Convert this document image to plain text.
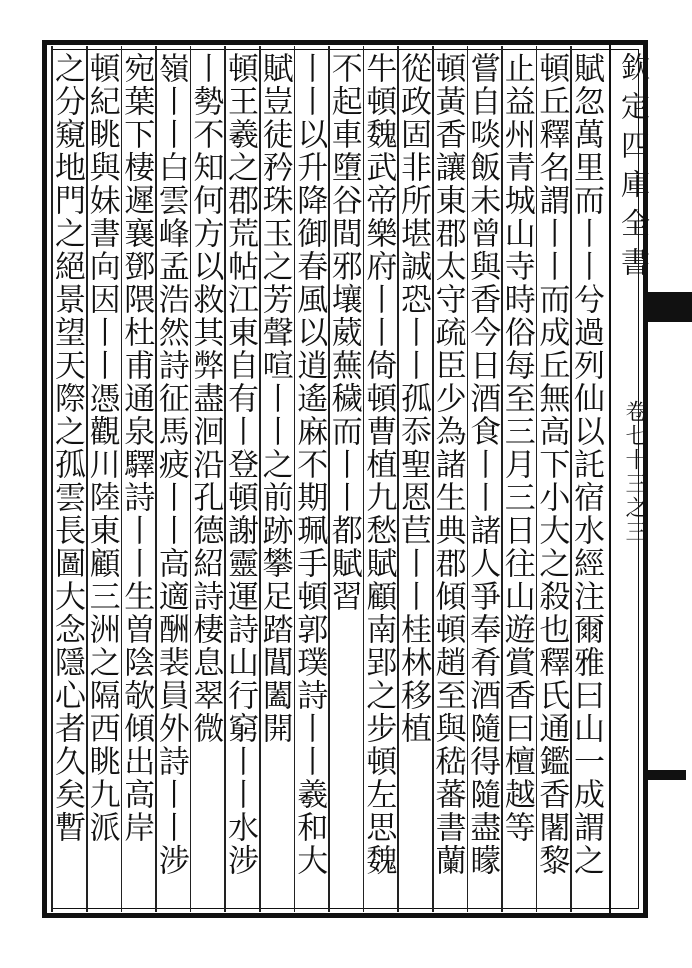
欽定四庫全書
卷七十三之三
賦忽萬里而丨丨兮過列仙以託宿水經注爾雅曰山一成謂之
頓丘釋名謂丨丨而成丘無高下小大之殺也釋氏通鑑香闍黎
止益州青城山寺時俗每至三月三日往山遊賞香曰檀越等
嘗自啖飯未曾與香今日酒食丨丨諸人爭奉肴酒隨得隨盡矇
頓黃香讓東郡太守疏臣少為諸生典郡傾頓趙至與嵇蕃書蘭
從政固非所堪誠恐丨丨孤忝聖恩苣丨丨桂林移植
牛頓魏武帝樂府丨丨倚頓曹植九愁賦顧南郢之步頓左思魏
不起車墮谷間邪壤葳蕪穢而丨丨都賦習
丨丨以升降御春風以逍遙麻不期珮手頓郭璞詩丨丨羲和大
賦豈徒矜珠玉之芳聲喧丨丨之前跡攀足踏閶闔開
頓王羲之郡荒帖江東自有丨登頓謝靈運詩山行窮丨丨水涉
丨勢不知何方以救其弊盡洄沿孔德紹詩棲息翠微
嶺丨丨白雲峰孟浩然詩征馬疲丨丨高適酬裴員外詩丨丨涉
宛葉下棲遲襄鄧隈杜甫通泉驛詩丨丨生曽陰欹傾出高岸
頓紀眺與妹書向因丨丨憑觀川陸東顧三洲之隔西眺九派
之分窺地門之絕景望天際之孤雲長圖大念隱心者久矣暫
